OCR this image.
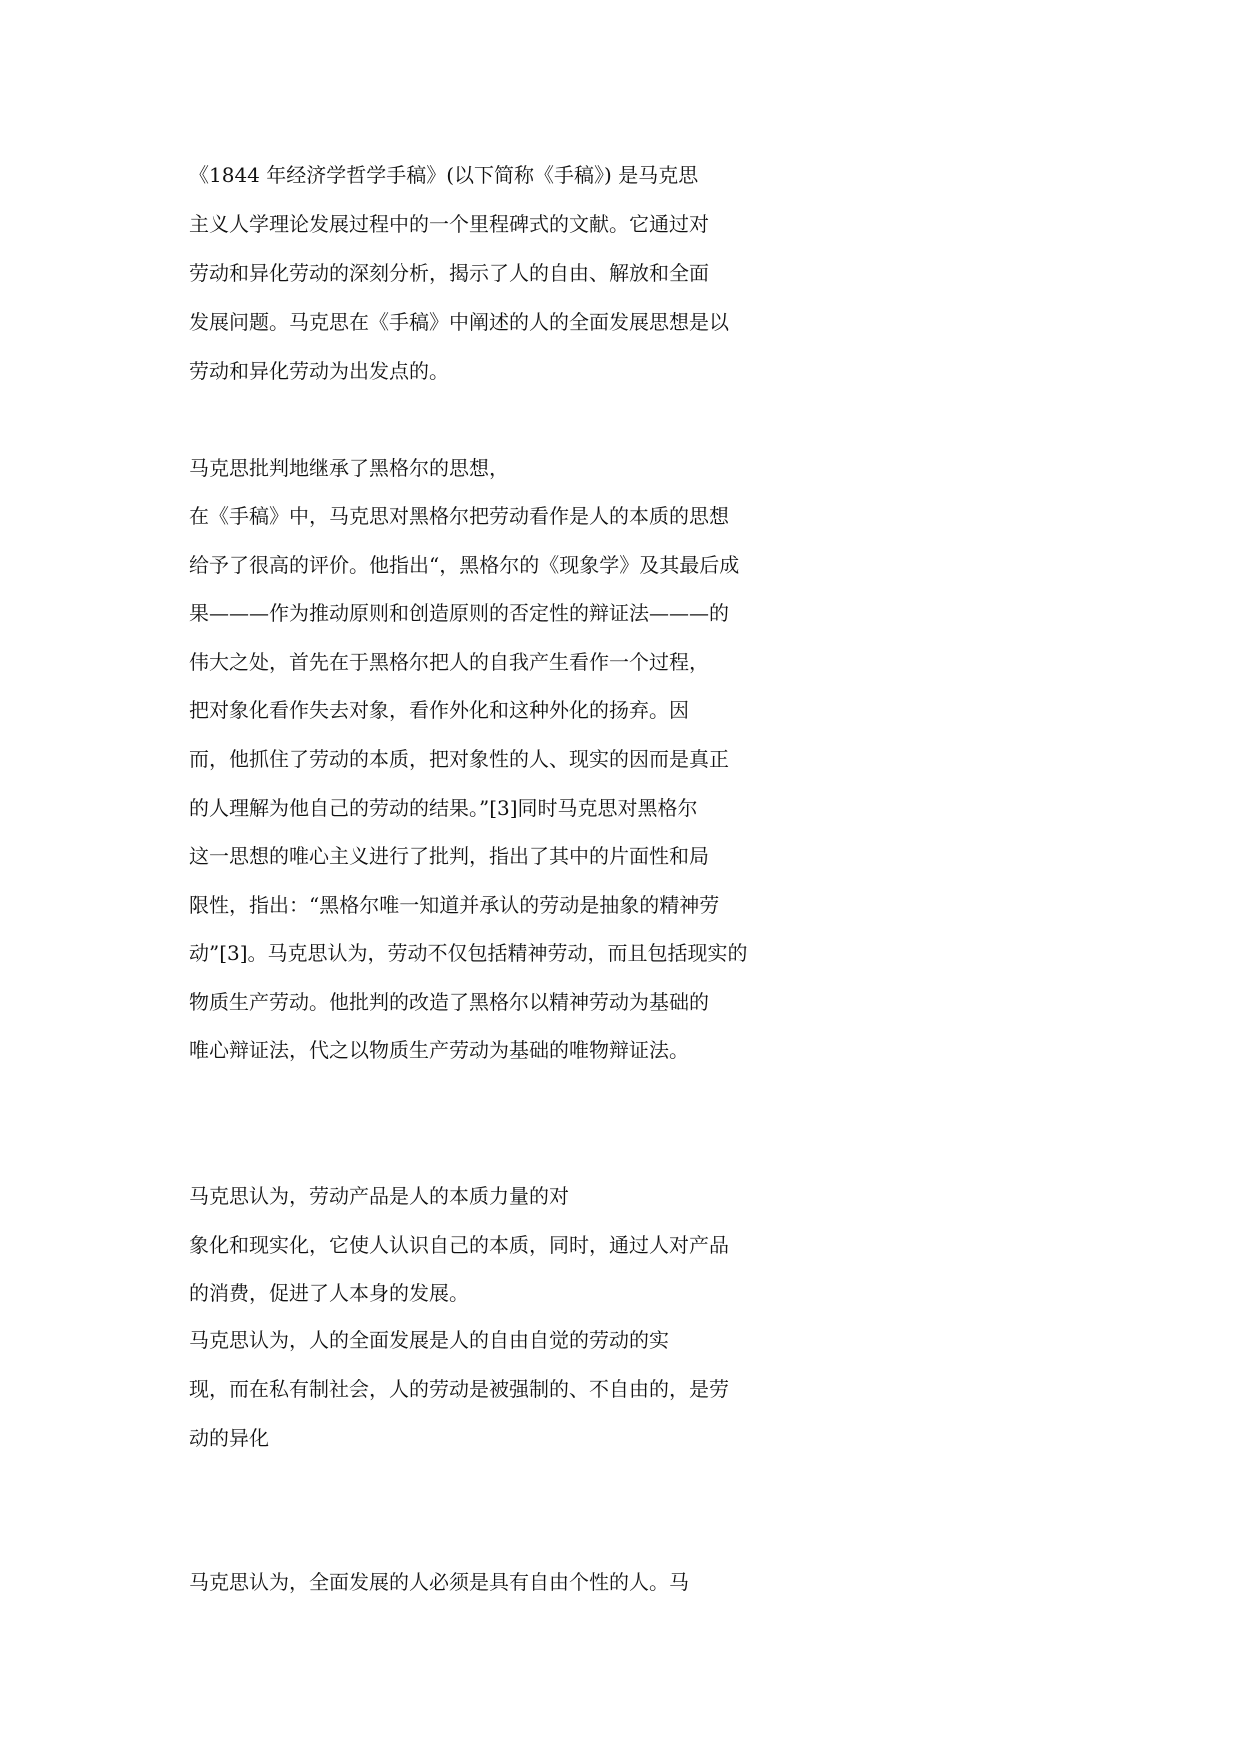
《1844 年经济学哲学手稿》(以下简称《手稿》) 是马克思
主义人学理论发展过程中的一个里程碑式的文献。它通过对
劳动和异化劳动的深刻分析，揭示了人的自由、解放和全面
发展问题。马克思在《手稿》中阐述的人的全面发展思想是以
劳动和异化劳动为出发点的。
马克思批判地继承了黑格尔的思想，
在《手稿》中，马克思对黑格尔把劳动看作是人的本质的思想
给予了很高的评价。他指出“，黑格尔的《现象学》及其最后成
果———作为推动原则和创造原则的否定性的辩证法———的
伟大之处，首先在于黑格尔把人的自我产生看作一个过程，
把对象化看作失去对象，看作外化和这种外化的扬弃。因
而，他抓住了劳动的本质，把对象性的人、现实的因而是真正
的人理解为他自己的劳动的结果。”[3]同时马克思对黑格尔
这一思想的唯心主义进行了批判，指出了其中的片面性和局
限性，指出：“黑格尔唯一知道并承认的劳动是抽象的精神劳
动”[3]。马克思认为，劳动不仅包括精神劳动，而且包括现实的
物质生产劳动。他批判的改造了黑格尔以精神劳动为基础的
唯心辩证法，代之以物质生产劳动为基础的唯物辩证法。
马克思认为，劳动产品是人的本质力量的对
象化和现实化，它使人认识自己的本质，同时，通过人对产品
的消费，促进了人本身的发展。
马克思认为，人的全面发展是人的自由自觉的劳动的实
现，而在私有制社会，人的劳动是被强制的、不自由的，是劳
动的异化
马克思认为，全面发展的人必须是具有自由个性的人。马
